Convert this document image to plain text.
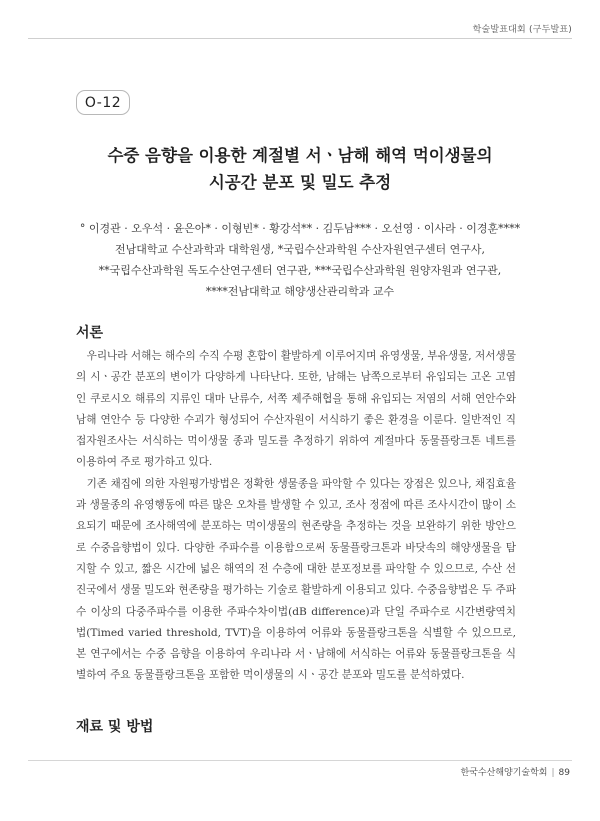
학술발표대회 (구두발표)
O-12
수중 음향을 이용한 계절별 서ㆍ남해 해역 먹이생물의
시공간 분포 및 밀도 추정
° 이경관 · 오우석 · 윤은아* · 이형빈* · 황강석** · 김두남*** · 오선영 · 이사라 · 이경훈****
전남대학교 수산과학과 대학원생, *국립수산과학원 수산자원연구센터 연구사,
**국립수산과학원 독도수산연구센터 연구관, ***국립수산과학원 원양자원과 연구관,
****전남대학교 해양생산관리학과 교수
서론

우리나라 서해는 해수의 수직 수평 혼합이 활발하게 이루어지며 유영생물, 부유생물, 저서생물의 시ㆍ공간 분포의 변이가 다양하게 나타난다. 또한, 남해는 남쪽으로부터 유입되는 고온 고염인 쿠로시오 해류의 지류인 대마 난류수, 서쪽 제주해협을 통해 유입되는 저염의 서해 연안수와 남해 연안수 등 다양한 수괴가 형성되어 수산자원이 서식하기 좋은 환경을 이룬다. 일반적인 직접자원조사는 서식하는 먹이생물 종과 밀도를 추정하기 위하여 계절마다 동물플랑크톤 네트를 이용하여 주로 평가하고 있다.

기존 채집에 의한 자원평가방법은 정확한 생물종을 파악할 수 있다는 장점은 있으나, 채집효율과 생물종의 유영행동에 따른 많은 오차를 발생할 수 있고, 조사 정점에 따른 조사시간이 많이 소요되기 때문에 조사해역에 분포하는 먹이생물의 현존량을 추정하는 것을 보완하기 위한 방안으로 수중음향법이 있다. 다양한 주파수를 이용함으로써 동물플랑크톤과 바닷속의 해양생물을 탐지할 수 있고, 짧은 시간에 넓은 해역의 전 수층에 대한 분포정보를 파악할 수 있으므로, 수산 선진국에서 생물 밀도와 현존량을 평가하는 기술로 활발하게 이용되고 있다. 수중음향법은 두 주파수 이상의 다중주파수를 이용한 주파수차이법(dB difference)과 단일 주파수로 시간변량역치법(Timed varied threshold, TVT)을 이용하여 어류와 동물플랑크톤을 식별할 수 있으므로, 본 연구에서는 수중 음향을 이용하여 우리나라 서ㆍ남해에 서식하는 어류와 동물플랑크톤을 식별하여 주요 동물플랑크톤을 포함한 먹이생물의 시ㆍ공간 분포와 밀도를 분석하였다.

재료 및 방법
한국수산해양기술학회 | 89
